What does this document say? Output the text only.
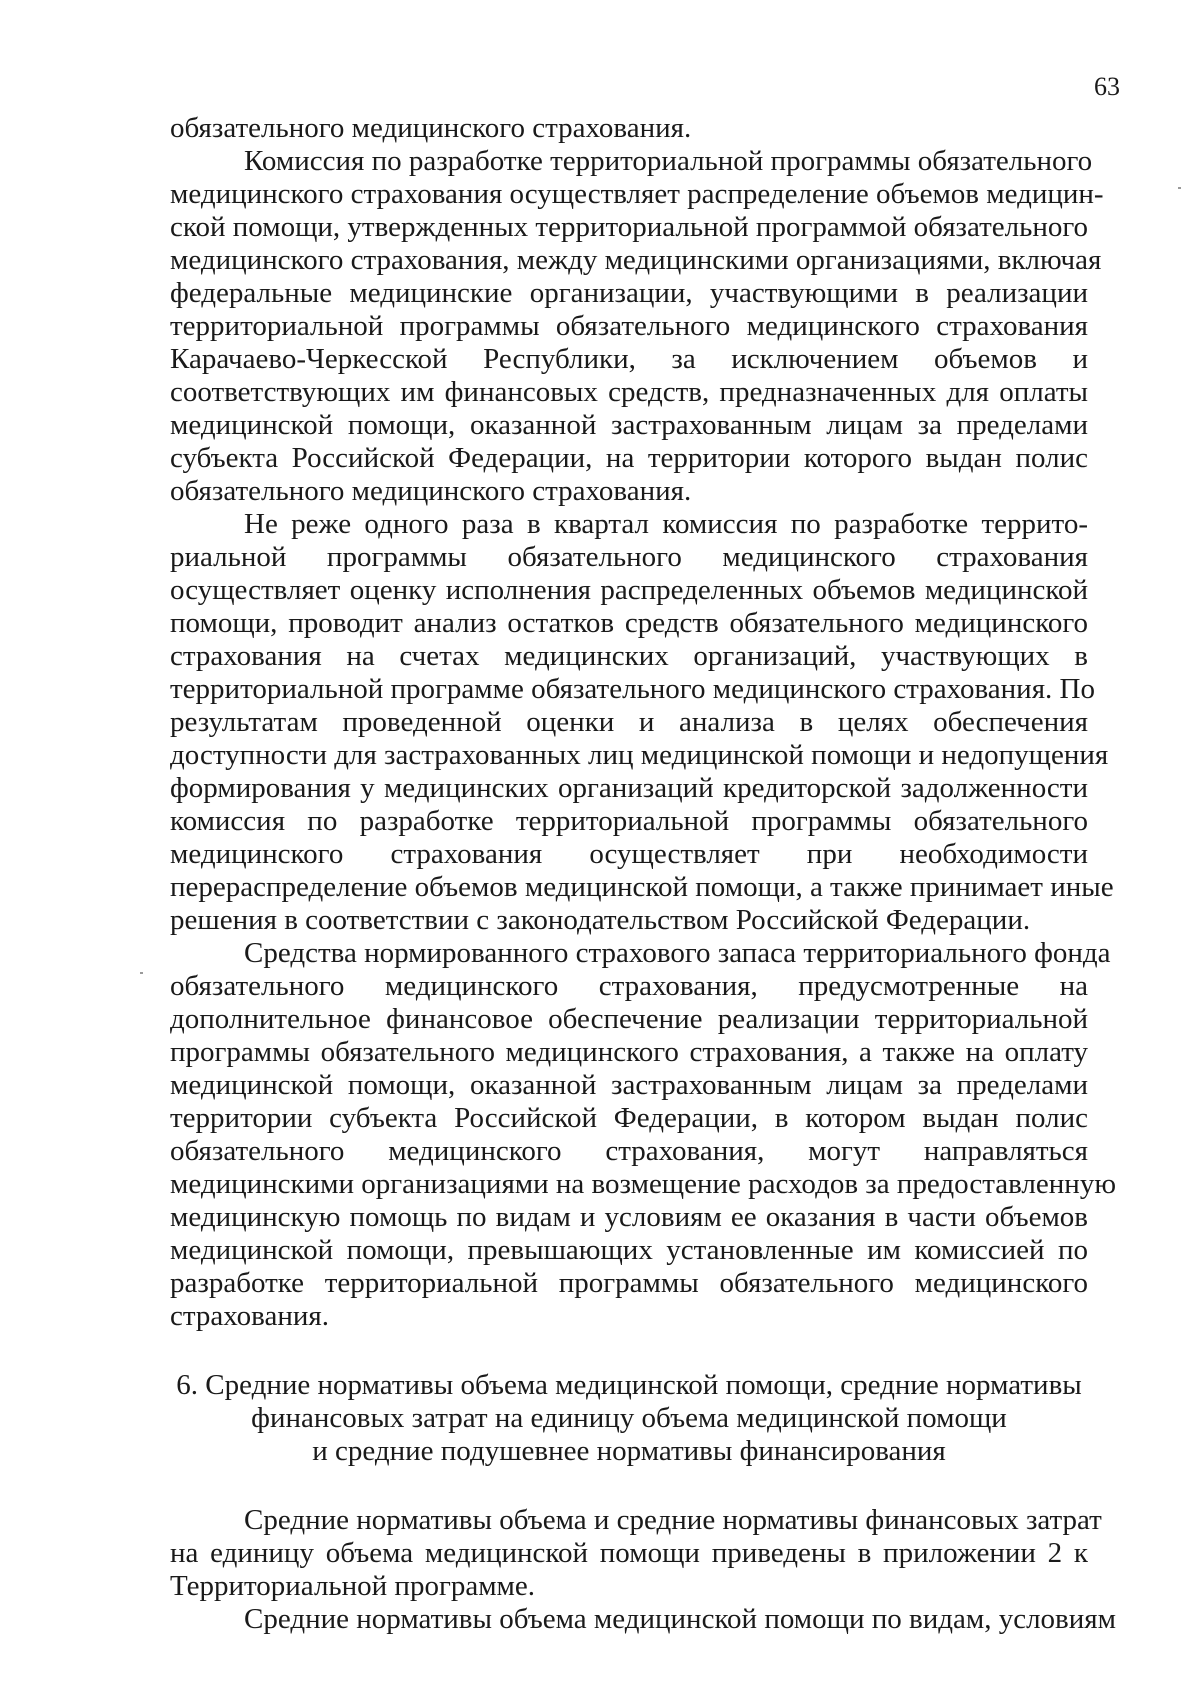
63
обязательного медицинского страхования.
Комиссия по разработке территориальной программы обязательного
медицинского страхования осуществляет распределение объемов медицин-
ской помощи, утвержденных территориальной программой обязательного
медицинского страхования, между медицинскими организациями, включая
федеральные медицинские организации, участвующими в реализации
территориальной программы обязательного медицинского страхования
Карачаево-Черкесской Республики, за исключением объемов и
соответствующих им финансовых средств, предназначенных для оплаты
медицинской помощи, оказанной застрахованным лицам за пределами
субъекта Российской Федерации, на территории которого выдан полис
обязательного медицинского страхования.
Не реже одного раза в квартал комиссия по разработке террито-
риальной программы обязательного медицинского страхования
осуществляет оценку исполнения распределенных объемов медицинской
помощи, проводит анализ остатков средств обязательного медицинского
страхования на счетах медицинских организаций, участвующих в
территориальной программе обязательного медицинского страхования. По
результатам проведенной оценки и анализа в целях обеспечения
доступности для застрахованных лиц медицинской помощи и недопущения
формирования у медицинских организаций кредиторской задолженности
комиссия по разработке территориальной программы обязательного
медицинского страхования осуществляет при необходимости
перераспределение объемов медицинской помощи, а также принимает иные
решения в соответствии с законодательством Российской Федерации.
Средства нормированного страхового запаса территориального фонда
обязательного медицинского страхования, предусмотренные на
дополнительное финансовое обеспечение реализации территориальной
программы обязательного медицинского страхования, а также на оплату
медицинской помощи, оказанной застрахованным лицам за пределами
территории субъекта Российской Федерации, в котором выдан полис
обязательного медицинского страхования, могут направляться
медицинскими организациями на возмещение расходов за предоставленную
медицинскую помощь по видам и условиям ее оказания в части объемов
медицинской помощи, превышающих установленные им комиссией по
разработке территориальной программы обязательного медицинского
страхования.
6. Средние нормативы объема медицинской помощи, средние нормативы
финансовых затрат на единицу объема медицинской помощи
и средние подушевнее нормативы финансирования
Средние нормативы объема и средние нормативы финансовых затрат
на единицу объема медицинской помощи приведены в приложении 2 к
Территориальной программе.
Средние нормативы объема медицинской помощи по видам, условиям
